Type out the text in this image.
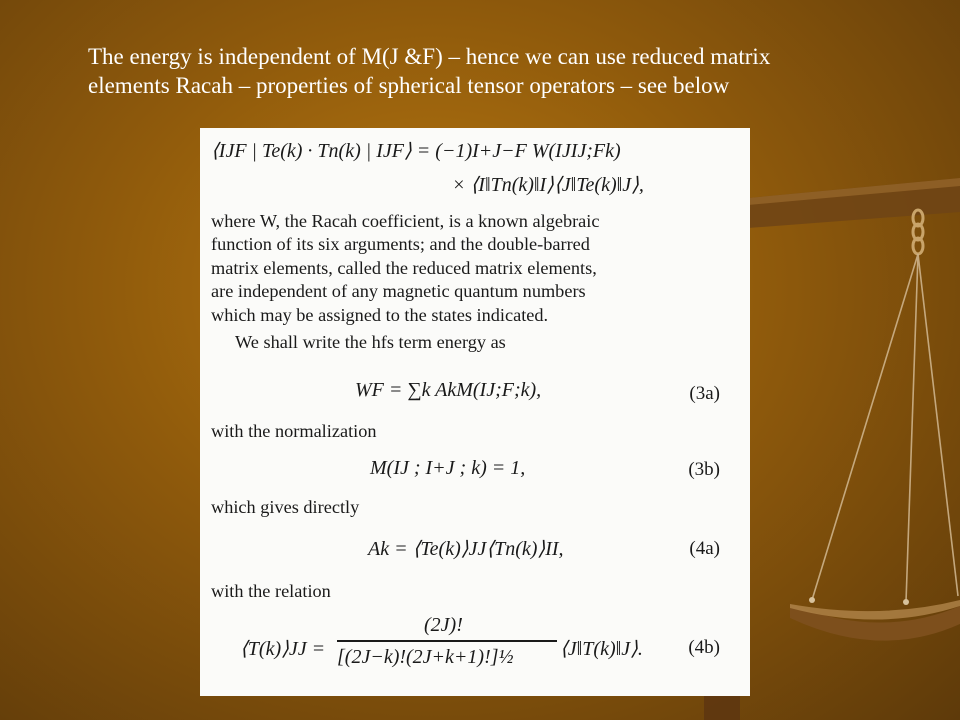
The energy is independent of M(J &F) – hence we can use reduced matrix
elements Racah – properties of spherical tensor operators – see below
⟨IJF | Te(k) · Tn(k) | IJF⟩ = (−1)I+J−F W(IJIJ;Fk)
× ⟨I‖Tn(k)‖I⟩⟨J‖Te(k)‖J⟩,
where W, the Racah coefficient, is a known algebraic
function of its six arguments; and the double-barred
matrix elements, called the reduced matrix elements,
are independent of any magnetic quantum numbers
which may be assigned to the states indicated.
We shall write the hfs term energy as
WF = ∑k AkM(IJ;F;k),	(3a)
with the normalization
M(IJ ; I+J ; k) = 1,	(3b)
which gives directly
Ak = ⟨Te(k)⟩JJ⟨Tn(k)⟩II,	(4a)
with the relation
⟨T(k)⟩JJ =
(2J)!
[(2J−k)!(2J+k+1)!]½ ⟨J‖T(k)‖J⟩. (4b)
